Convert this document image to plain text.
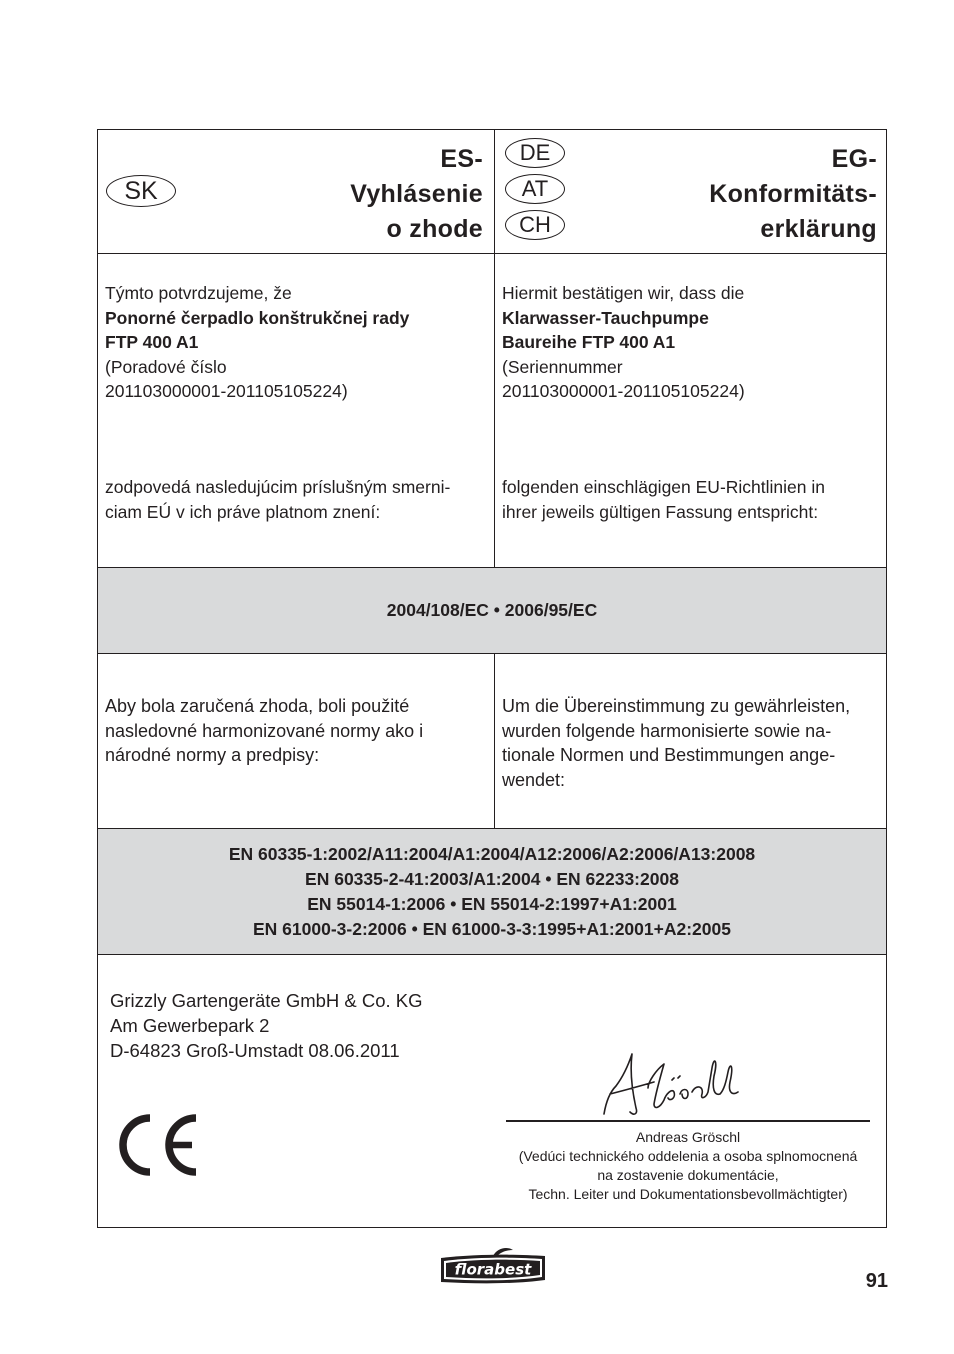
SK
ES-
Vyhlásenie
o zhode
DE
AT
CH
EG-
Konformitäts-
erklärung
Týmto potvrdzujeme, že
Ponorné čerpadlo konštrukčnej rady
FTP 400 A1
(Poradové číslo
201103000001-201105105224)
zodpovedá nasledujúcim príslušným smerni-
ciam EÚ v ich práve platnom znení:
Hiermit bestätigen wir, dass die
Klarwasser-Tauchpumpe
Baureihe FTP 400 A1
(Seriennummer
201103000001-201105105224)
folgenden einschlägigen EU-Richtlinien in
ihrer jeweils gültigen Fassung entspricht:
2004/108/EC • 2006/95/EC
Aby bola zaručená zhoda, boli použité
nasledovné harmonizované normy ako i
národné normy a predpisy:
Um die Übereinstimmung zu gewährleisten,
wurden folgende harmonisierte sowie na-
tionale Normen und Bestimmungen ange-
wendet:
EN 60335-1:2002/A11:2004/A1:2004/A12:2006/A2:2006/A13:2008
EN 60335-2-41:2003/A1:2004 • EN 62233:2008
EN 55014-1:2006 • EN 55014-2:1997+A1:2001
EN 61000-3-2:2006 • EN 61000-3-3:1995+A1:2001+A2:2005
Grizzly Gartengeräte GmbH & Co. KG
Am Gewerbepark 2
D-64823 Groß-Umstadt 08.06.2011
Andreas Gröschl
(Vedúci technického oddelenia a osoba splnomocnená
na zostavenie dokumentácie,
Techn. Leiter und Dokumentationsbevollmächtigter)
florabest
91
